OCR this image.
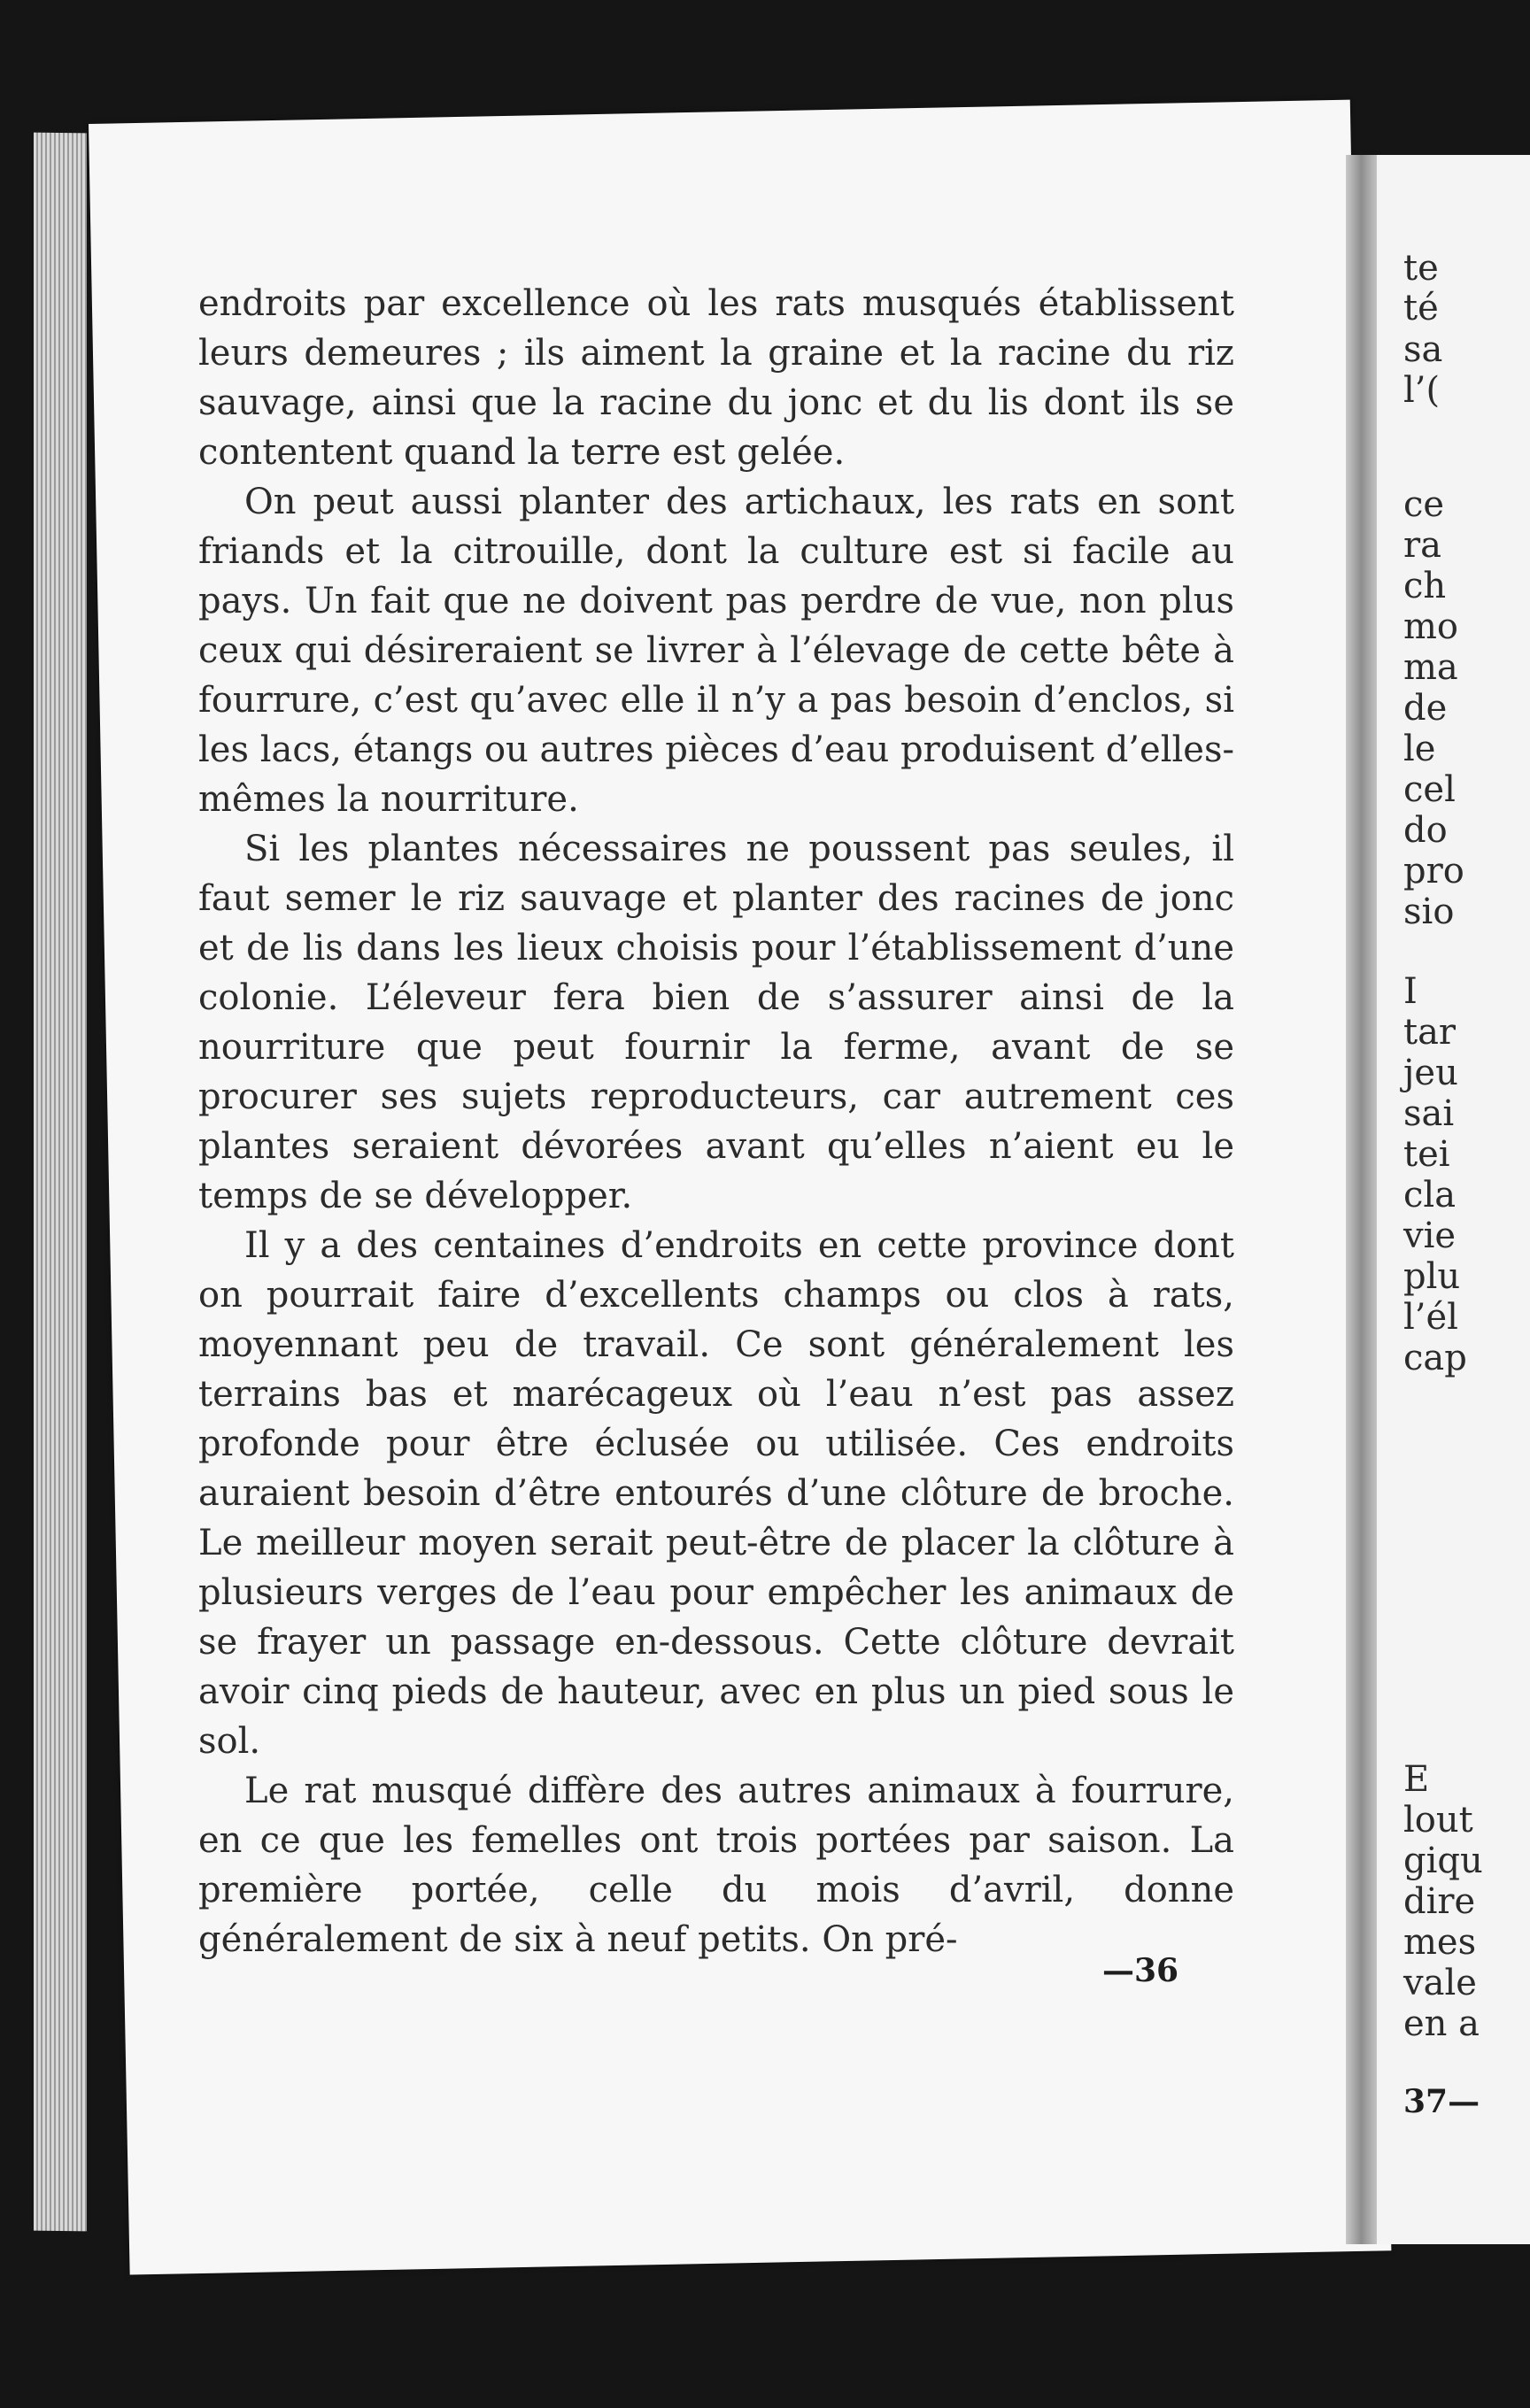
endroits par excellence où les rats musqués établissent leurs demeures ; ils aiment la graine et la racine du riz sauvage, ainsi que la racine du jonc et du lis dont ils se contentent quand la terre est gelée.

On peut aussi planter des artichaux, les rats en sont friands et la citrouille, dont la culture est si facile au pays. Un fait que ne doivent pas perdre de vue, non plus ceux qui désireraient se livrer à l’élevage de cette bête à fourrure, c’est qu’avec elle il n’y a pas besoin d’enclos, si les lacs, étangs ou autres pièces d’eau produisent d’elles-mêmes la nourriture.

Si les plantes nécessaires ne poussent pas seules, il faut semer le riz sauvage et planter des racines de jonc et de lis dans les lieux choisis pour l’établissement d’une colonie. L’éleveur fera bien de s’assurer ainsi de la nourriture que peut fournir la ferme, avant de se procurer ses sujets reproducteurs, car autrement ces plantes seraient dévorées avant qu’elles n’aient eu le temps de se développer.

Il y a des centaines d’endroits en cette province dont on pourrait faire d’excellents champs ou clos à rats, moyennant peu de travail. Ce sont généralement les terrains bas et marécageux où l’eau n’est pas assez profonde pour être éclusée ou utilisée. Ces endroits auraient besoin d’être entourés d’une clôture de broche. Le meilleur moyen serait peut-être de placer la clôture à plusieurs verges de l’eau pour empêcher les animaux de se frayer un passage en-dessous. Cette clôture devrait avoir cinq pieds de hauteur, avec en plus un pied sous le sol.

Le rat musqué diffère des autres animaux à fourrure, en ce que les femelles ont trois portées par saison. La première portée, celle du mois d’avril, donne généralement de six à neuf petits. On pré-

—36
te
té
sa
l’(
ce
ra
ch
mo
ma
de
le
cel
do
pro
sio
I
tar
jeu
sai
tei
cla
vie
plu
l’él
cap
E
lout
giqu
dire
mes
vale
en a
37—
